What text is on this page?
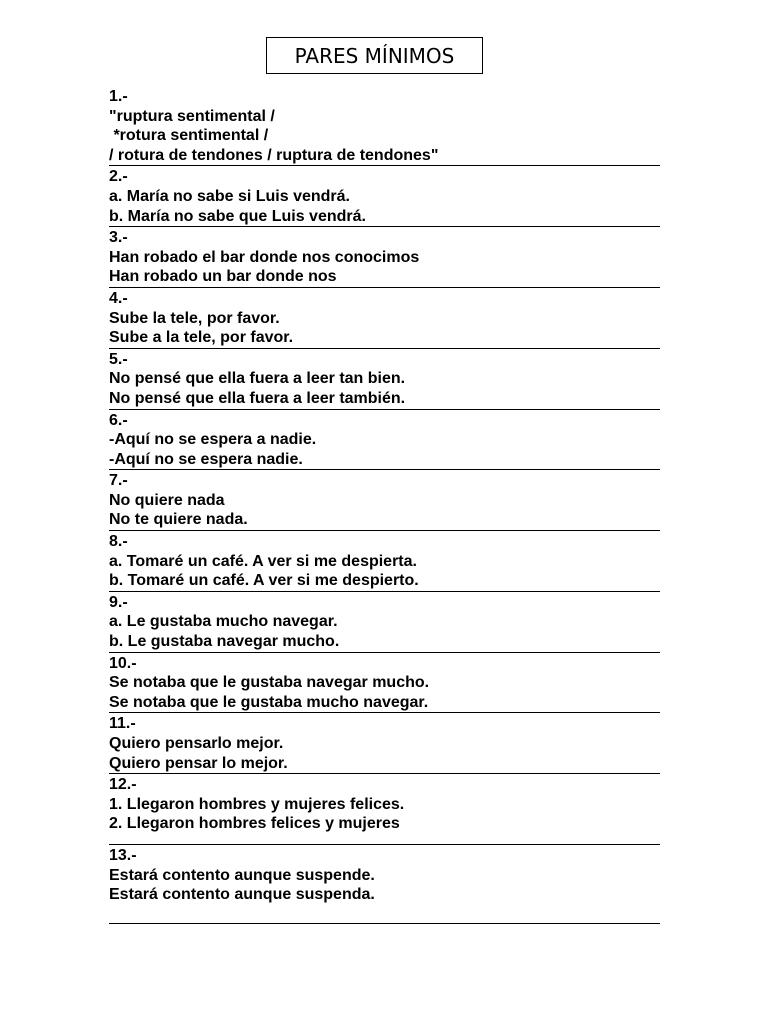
PARES MÍNIMOS
1.-
"ruptura sentimental /
*rotura sentimental /
/ rotura de tendones / ruptura de tendones"
2.-
a. María no sabe si Luis vendrá.
b. María no sabe que Luis vendrá.
3.-
Han robado el bar donde nos conocimos
Han robado un bar donde nos
4.-
Sube la tele, por favor.
Sube a la tele, por favor.
5.-
No pensé que ella fuera a leer tan bien.
No pensé que ella fuera a leer también.
6.-
-Aquí no se espera a nadie.
-Aquí no se espera nadie.
7.-
No quiere nada
No te quiere nada.
8.-
a. Tomaré un café. A ver si me despierta.
b. Tomaré un café. A ver si me despierto.
9.-
a. Le gustaba mucho navegar.
b. Le gustaba navegar mucho.
10.-
Se notaba que le gustaba navegar mucho.
Se notaba que le gustaba mucho navegar.
11.-
Quiero pensarlo mejor.
Quiero pensar lo mejor.
12.-
1. Llegaron hombres y mujeres felices.
2. Llegaron hombres felices y mujeres
13.-
Estará contento aunque suspende.
Estará contento aunque suspenda.
